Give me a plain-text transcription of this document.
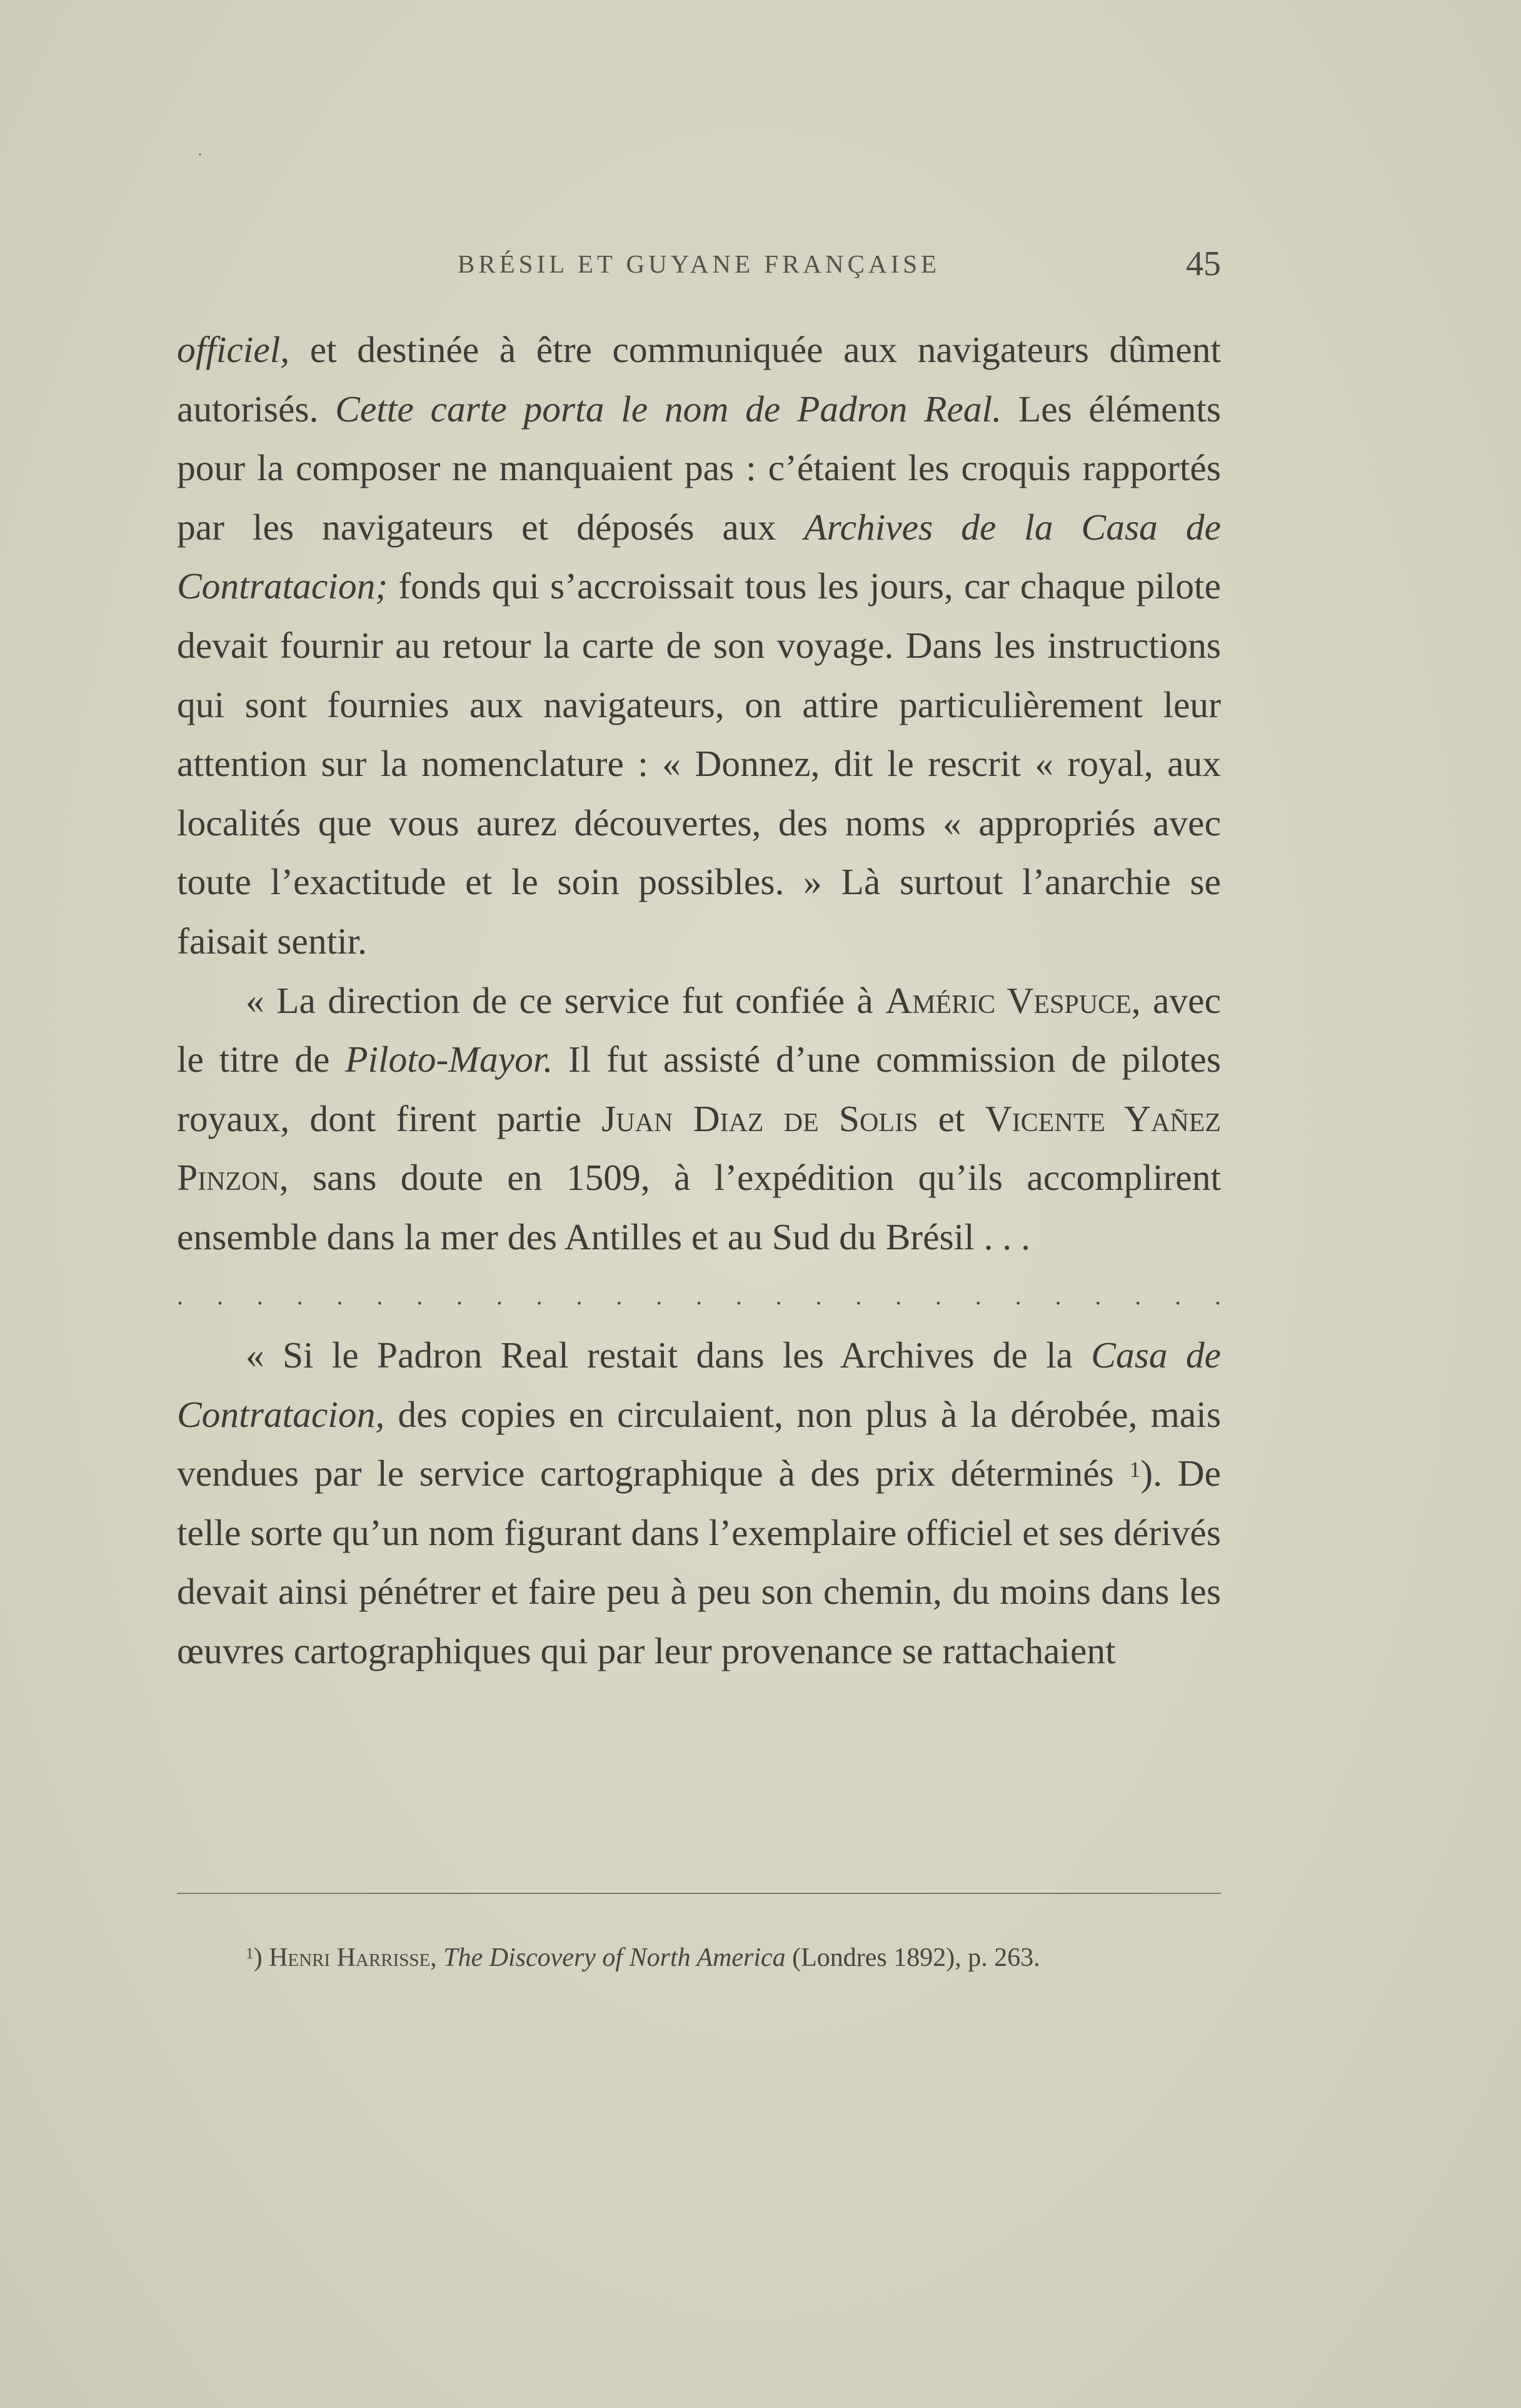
BRÉSIL ET GUYANE FRANÇAISE	45

officiel, et destinée à être communiquée aux navigateurs dûment autorisés. Cette carte porta le nom de Padron Real. Les éléments pour la composer ne manquaient pas : c’étaient les croquis rapportés par les navigateurs et déposés aux Archives de la Casa de Contratacion; fonds qui s’accroissait tous les jours, car chaque pilote devait fournir au retour la carte de son voyage. Dans les instructions qui sont fournies aux navigateurs, on attire particulièrement leur attention sur la nomenclature : « Donnez, dit le rescrit « royal, aux localités que vous aurez découvertes, des noms « appropriés avec toute l’exactitude et le soin possibles. » Là surtout l’anarchie se faisait sentir.

« La direction de ce service fut confiée à Améric Vespuce, avec le titre de Piloto-Mayor. Il fut assisté d’une commission de pilotes royaux, dont firent partie Juan Diaz de Solis et Vicente Yañez Pinzon, sans doute en 1509, à l’expédition qu’ils accomplirent ensemble dans la mer des Antilles et au Sud du Brésil . . .

. . . . . . . . . . . . . . . . . . . . . . . . . . .

« Si le Padron Real restait dans les Archives de la Casa de Contratacion, des copies en circulaient, non plus à la dérobée, mais vendues par le service cartographique à des prix déterminés $^1$). De telle sorte qu’un nom figurant dans l’exemplaire officiel et ses dérivés devait ainsi pénétrer et faire peu à peu son chemin, du moins dans les œuvres cartographiques qui par leur provenance se rattachaient

$^1$) Henri Harrisse, The Discovery of North America (Londres 1892), p. 263.
